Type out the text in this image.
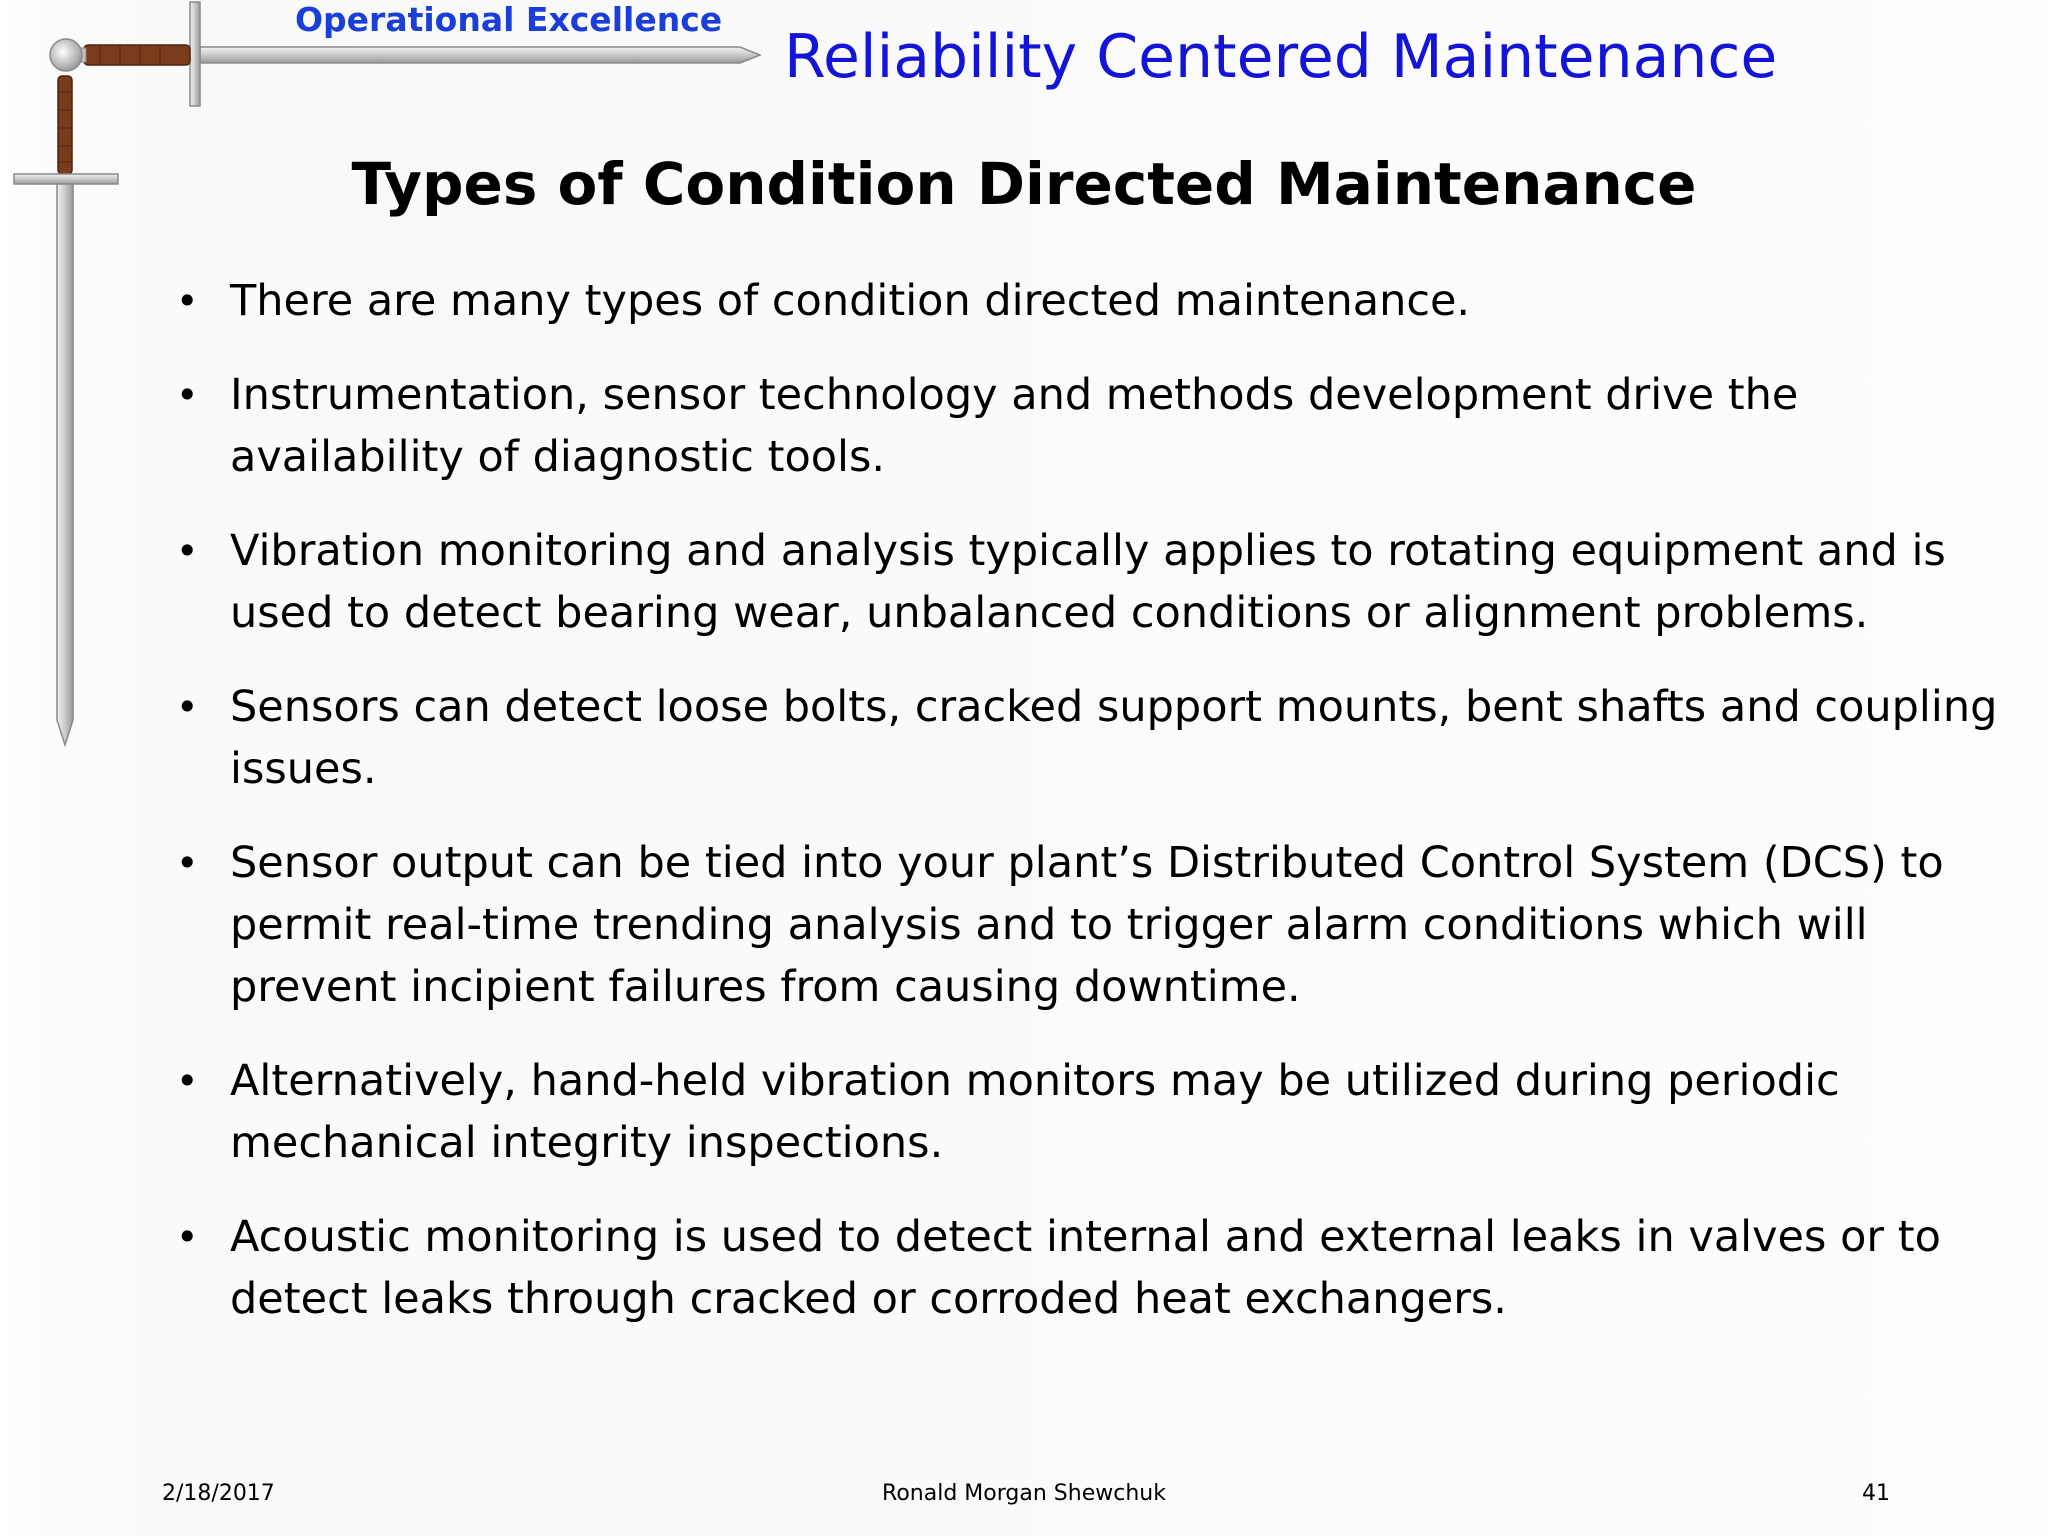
Operational Excellence
Reliability Centered Maintenance
Types of Condition Directed Maintenance
• There are many types of condition directed maintenance.
• Instrumentation, sensor technology and methods development drive the availability of diagnostic tools.
• Vibration monitoring and analysis typically applies to rotating equipment and is used to detect bearing wear, unbalanced conditions or alignment problems.
• Sensors can detect loose bolts, cracked support mounts, bent shafts and coupling issues.
• Sensor output can be tied into your plant’s Distributed Control System (DCS) to permit real-time trending analysis and to trigger alarm conditions which will prevent incipient failures from causing downtime.
• Alternatively, hand-held vibration monitors may be utilized during periodic mechanical integrity inspections.
• Acoustic monitoring is used to detect internal and external leaks in valves or to detect leaks through cracked or corroded heat exchangers.
2/18/2017	Ronald Morgan Shewchuk	41
